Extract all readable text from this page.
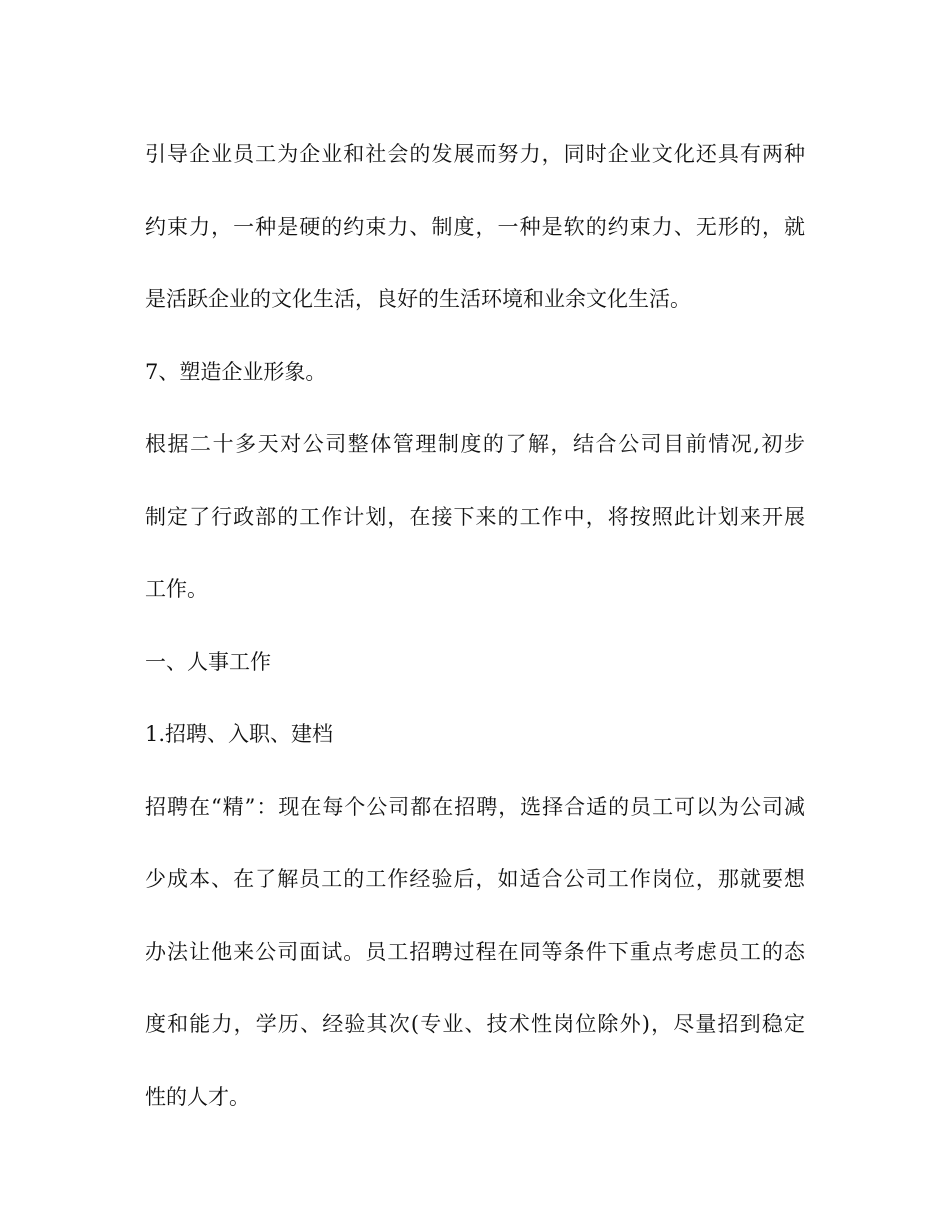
引导企业员工为企业和社会的发展而努力，同时企业文化还具有两种
约束力，一种是硬的约束力、制度，一种是软的约束力、无形的，就
是活跃企业的文化生活，良好的生活环境和业余文化生活。

7、塑造企业形象。

根据二十多天对公司整体管理制度的了解，结合公司目前情况,初步
制定了行政部的工作计划，在接下来的工作中，将按照此计划来开展
工作。

一、人事工作

1.招聘、入职、建档

招聘在“精”：现在每个公司都在招聘，选择合适的员工可以为公司减
少成本、在了解员工的工作经验后，如适合公司工作岗位，那就要想
办法让他来公司面试。员工招聘过程在同等条件下重点考虑员工的态
度和能力，学历、经验其次(专业、技术性岗位除外)，尽量招到稳定
性的人才。
